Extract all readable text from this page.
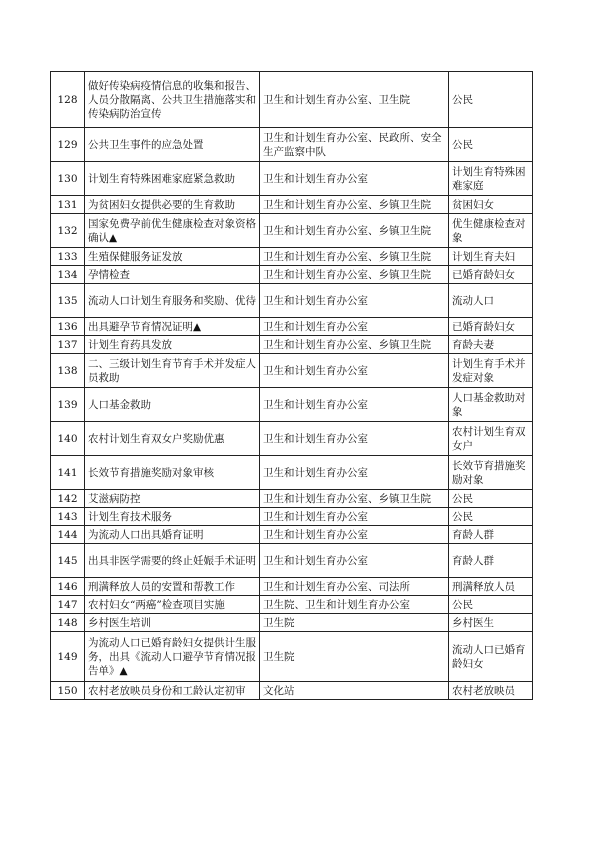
128	做好传染病疫情信息的收集和报告、人员分散隔离、公共卫生措施落实和传染病防治宣传	卫生和计划生育办公室、卫生院	公民
129	公共卫生事件的应急处置	卫生和计划生育办公室、民政所、安全生产监察中队	公民
130	计划生育特殊困难家庭紧急救助	卫生和计划生育办公室	计划生育特殊困难家庭
131	为贫困妇女提供必要的生育救助	卫生和计划生育办公室、乡镇卫生院	贫困妇女
132	国家免费孕前优生健康检查对象资格确认▲	卫生和计划生育办公室、乡镇卫生院	优生健康检查对象
133	生殖保健服务证发放	卫生和计划生育办公室、乡镇卫生院	计划生育夫妇
134	孕情检查	卫生和计划生育办公室、乡镇卫生院	已婚育龄妇女
135	流动人口计划生育服务和奖励、优待	卫生和计划生育办公室	流动人口
136	出具避孕节育情况证明▲	卫生和计划生育办公室	已婚育龄妇女
137	计划生育药具发放	卫生和计划生育办公室、乡镇卫生院	育龄夫妻
138	二、三级计划生育节育手术并发症人员救助	卫生和计划生育办公室	计划生育手术并发症对象
139	人口基金救助	卫生和计划生育办公室	人口基金救助对象
140	农村计划生育双女户奖励优惠	卫生和计划生育办公室	农村计划生育双女户
141	长效节育措施奖励对象审核	卫生和计划生育办公室	长效节育措施奖励对象
142	艾滋病防控	卫生和计划生育办公室、乡镇卫生院	公民
143	计划生育技术服务	卫生和计划生育办公室	公民
144	为流动人口出具婚育证明	卫生和计划生育办公室	育龄人群
145	出具非医学需要的终止妊娠手术证明	卫生和计划生育办公室	育龄人群
146	刑满释放人员的安置和帮教工作	卫生和计划生育办公室、司法所	刑满释放人员
147	农村妇女“两癌”检查项目实施	卫生院、卫生和计划生育办公室	公民
148	乡村医生培训	卫生院	乡村医生
149	为流动人口已婚育龄妇女提供计生服务，出具《流动人口避孕节育情况报告单》▲	卫生院	流动人口已婚育龄妇女
150	农村老放映员身份和工龄认定初审	文化站	农村老放映员
